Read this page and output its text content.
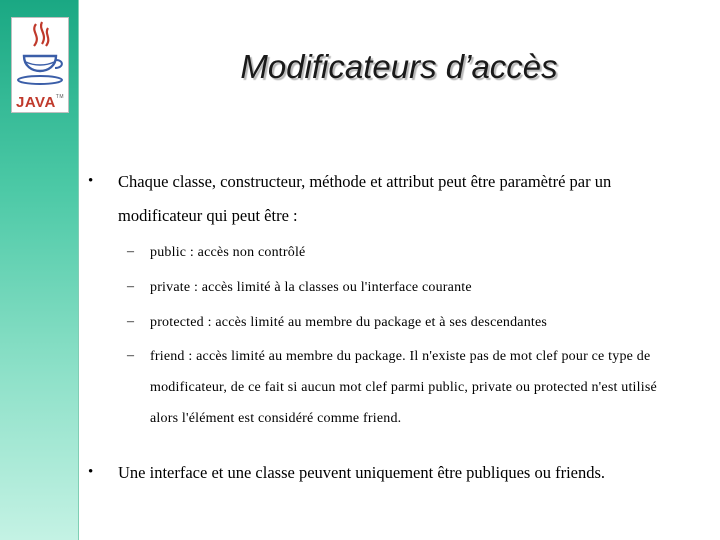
JAVA™
Modificateurs d’accès
• Chaque classe, constructeur, méthode et attribut peut être paramètré par un modificateur qui peut être :
– public : accès non contrôlé
– private : accès limité à la classes ou l'interface courante
– protected : accès limité au membre du package et à ses descendantes
– friend : accès limité au membre du package. Il n'existe pas de mot clef pour ce type de modificateur, de ce fait si aucun mot clef parmi public, private ou protected n'est utilisé alors l'élément est considéré comme friend.
• Une interface et une classe peuvent uniquement être publiques ou friends.
